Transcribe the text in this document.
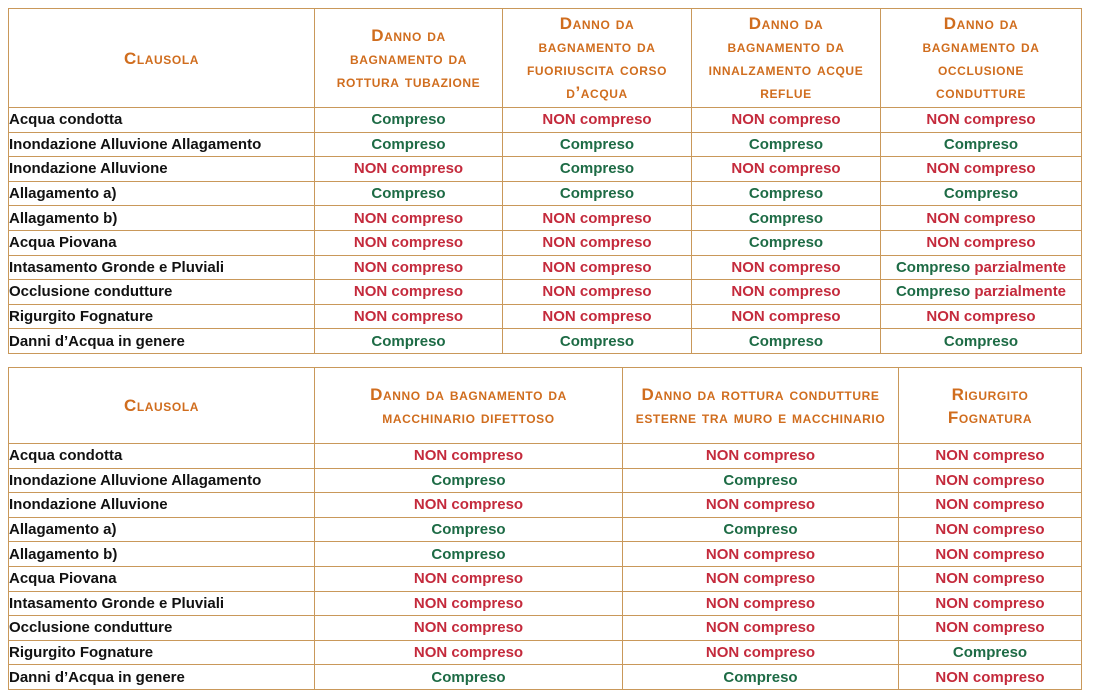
Clausola	Danno da bagnamento da rottura tubazione	Danno da bagnamento da fuoriuscita corso d’acqua	Danno da bagnamento da innalzamento acque reflue	Danno da bagnamento da occlusione condutture
Acqua condotta	Compreso	NON compreso	NON compreso	NON compreso
Inondazione Alluvione Allagamento	Compreso	Compreso	Compreso	Compreso
Inondazione Alluvione	NON compreso	Compreso	NON compreso	NON compreso
Allagamento a)	Compreso	Compreso	Compreso	Compreso
Allagamento b)	NON compreso	NON compreso	Compreso	NON compreso
Acqua Piovana	NON compreso	NON compreso	Compreso	NON compreso
Intasamento Gronde e Pluviali	NON compreso	NON compreso	NON compreso	Compreso parzialmente
Occlusione condutture	NON compreso	NON compreso	NON compreso	Compreso parzialmente
Rigurgito Fognature	NON compreso	NON compreso	NON compreso	NON compreso
Danni d’Acqua in genere	Compreso	Compreso	Compreso	Compreso
Clausola	Danno da bagnamento da macchinario difettoso	Danno da rottura condutture esterne tra muro e macchinario	Rigurgito Fognatura
Acqua condotta	NON compreso	NON compreso	NON compreso
Inondazione Alluvione Allagamento	Compreso	Compreso	NON compreso
Inondazione Alluvione	NON compreso	NON compreso	NON compreso
Allagamento a)	Compreso	Compreso	NON compreso
Allagamento b)	Compreso	NON compreso	NON compreso
Acqua Piovana	NON compreso	NON compreso	NON compreso
Intasamento Gronde e Pluviali	NON compreso	NON compreso	NON compreso
Occlusione condutture	NON compreso	NON compreso	NON compreso
Rigurgito Fognature	NON compreso	NON compreso	Compreso
Danni d’Acqua in genere	Compreso	Compreso	NON compreso
